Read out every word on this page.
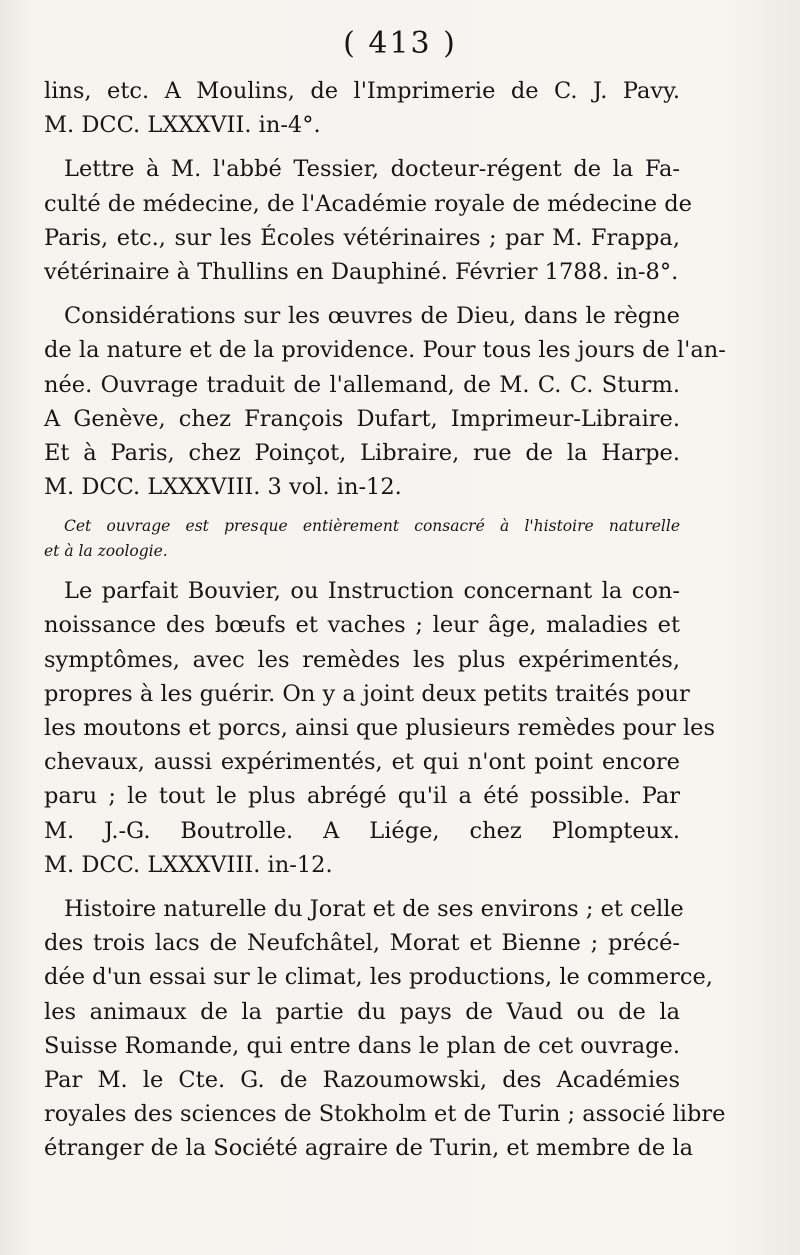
( 413 )
lins, etc. A Moulins, de l'Imprimerie de C. J. Pavy.
M. DCC. LXXXVII. in-4°.
Lettre à M. l'abbé Tessier, docteur-régent de la Fa-
culté de médecine, de l'Académie royale de médecine de
Paris, etc., sur les Écoles vétérinaires ; par M. Frappa,
vétérinaire à Thullins en Dauphiné. Février 1788. in-8°.
Considérations sur les œuvres de Dieu, dans le règne
de la nature et de la providence. Pour tous les jours de l'an-
née. Ouvrage traduit de l'allemand, de M. C. C. Sturm.
A Genève, chez François Dufart, Imprimeur-Libraire.
Et à Paris, chez Poinçot, Libraire, rue de la Harpe.
M. DCC. LXXXVIII. 3 vol. in-12.
Cet ouvrage est presque entièrement consacré à l'histoire naturelle
et à la zoologie.
Le parfait Bouvier, ou Instruction concernant la con-
noissance des bœufs et vaches ; leur âge, maladies et
symptômes, avec les remèdes les plus expérimentés,
propres à les guérir. On y a joint deux petits traités pour
les moutons et porcs, ainsi que plusieurs remèdes pour les
chevaux, aussi expérimentés, et qui n'ont point encore
paru ; le tout le plus abrégé qu'il a été possible. Par
M. J.-G. Boutrolle. A Liége, chez Plompteux.
M. DCC. LXXXVIII. in-12.
Histoire naturelle du Jorat et de ses environs ; et celle
des trois lacs de Neufchâtel, Morat et Bienne ; précé-
dée d'un essai sur le climat, les productions, le commerce,
les animaux de la partie du pays de Vaud ou de la
Suisse Romande, qui entre dans le plan de cet ouvrage.
Par M. le Cte. G. de Razoumowski, des Académies
royales des sciences de Stokholm et de Turin ; associé libre
étranger de la Société agraire de Turin, et membre de la
